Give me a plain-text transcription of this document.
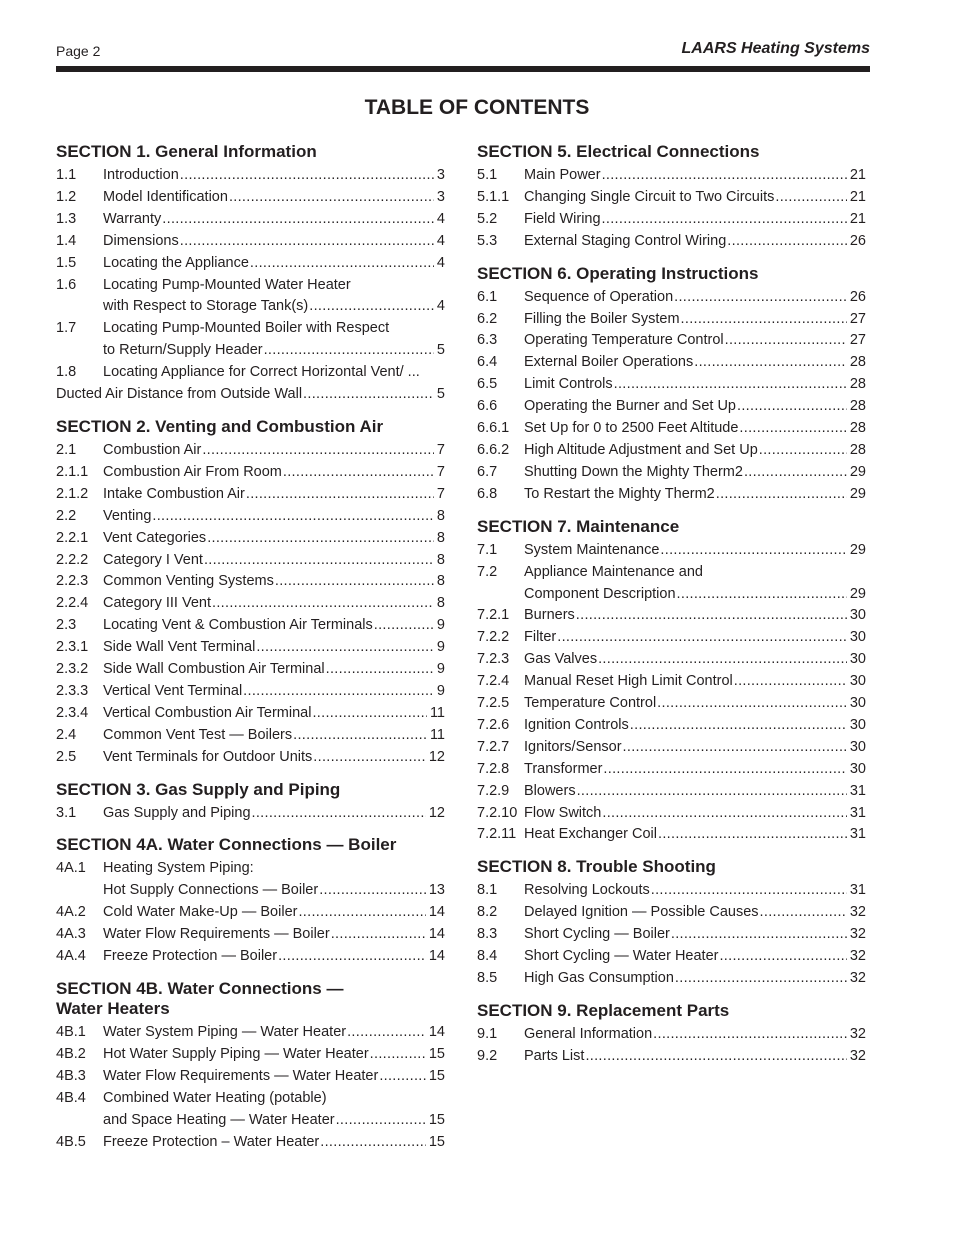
Page 2	LAARS Heating Systems
TABLE OF CONTENTS
SECTION 1. General Information
1.1	Introduction .....	3
1.2	Model Identification .....	3
1.3	Warranty .....	4
1.4	Dimensions .....	4
1.5	Locating the Appliance .....	4
1.6	Locating Pump-Mounted Water Heater
with Respect to Storage Tank(s) .....	4
1.7	Locating Pump-Mounted Boiler with Respect
to Return/Supply Header .....	5
1.8	Locating Appliance for Correct Horizontal Vent/ ...
Ducted Air Distance from Outside Wall .....	5
SECTION 2. Venting and Combustion Air
2.1	Combustion Air .....	7
2.1.1	Combustion Air From Room .....	7
2.1.2	Intake Combustion Air .....	7
2.2	Venting .....	8
2.2.1	Vent Categories .....	8
2.2.2	Category I Vent .....	8
2.2.3	Common Venting Systems .....	8
2.2.4	Category III Vent .....	8
2.3	Locating Vent & Combustion Air Terminals .....	9
2.3.1	Side Wall Vent Terminal .....	9
2.3.2	Side Wall Combustion Air Terminal .....	9
2.3.3	Vertical Vent Terminal .....	9
2.3.4	Vertical Combustion Air Terminal .....	11
2.4	Common Vent Test — Boilers .....	11
2.5	Vent Terminals for Outdoor Units .....	12
SECTION 3. Gas Supply and Piping
3.1	Gas Supply and Piping .....	12
SECTION 4A. Water Connections — Boiler
4A.1	Heating System Piping:
Hot Supply Connections — Boiler .....	13
4A.2	Cold Water Make-Up — Boiler .....	14
4A.3	Water Flow Requirements — Boiler .....	14
4A.4	Freeze Protection — Boiler .....	14
SECTION 4B. Water Connections —
Water Heaters
4B.1	Water System Piping — Water Heater .....	14
4B.2	Hot Water Supply Piping — Water Heater .....	15
4B.3	Water Flow Requirements — Water Heater .....	15
4B.4	Combined Water Heating (potable)
and Space Heating — Water Heater .....	15
4B.5	Freeze Protection – Water Heater .....	15
SECTION 5. Electrical Connections
5.1	Main Power .....	21
5.1.1	Changing Single Circuit to Two Circuits .....	21
5.2	Field Wiring .....	21
5.3	External Staging Control Wiring .....	26
SECTION 6. Operating Instructions
6.1	Sequence of Operation .....	26
6.2	Filling the Boiler System .....	27
6.3	Operating Temperature Control .....	27
6.4	External Boiler Operations .....	28
6.5	Limit Controls .....	28
6.6	Operating the Burner and Set Up .....	28
6.6.1	Set Up for 0 to 2500 Feet Altitude .....	28
6.6.2	High Altitude Adjustment and Set Up .....	28
6.7	Shutting Down the Mighty Therm2 .....	29
6.8	To Restart the Mighty Therm2 .....	29
SECTION 7. Maintenance
7.1	System Maintenance .....	29
7.2	Appliance Maintenance and
Component Description .....	29
7.2.1	Burners .....	30
7.2.2	Filter .....	30
7.2.3	Gas Valves .....	30
7.2.4	Manual Reset High Limit Control .....	30
7.2.5	Temperature Control .....	30
7.2.6	Ignition Controls .....	30
7.2.7	Ignitors/Sensor .....	30
7.2.8	Transformer .....	30
7.2.9	Blowers .....	31
7.2.10 Flow Switch .....	31
7.2.11 Heat Exchanger Coil .....	31
SECTION 8. Trouble Shooting
8.1	Resolving Lockouts .....	31
8.2	Delayed Ignition — Possible Causes .....	32
8.3	Short Cycling — Boiler .....	32
8.4	Short Cycling — Water Heater .....	32
8.5	High Gas Consumption .....	32
SECTION 9. Replacement Parts
9.1	General Information .....	32
9.2	Parts List .....	32
